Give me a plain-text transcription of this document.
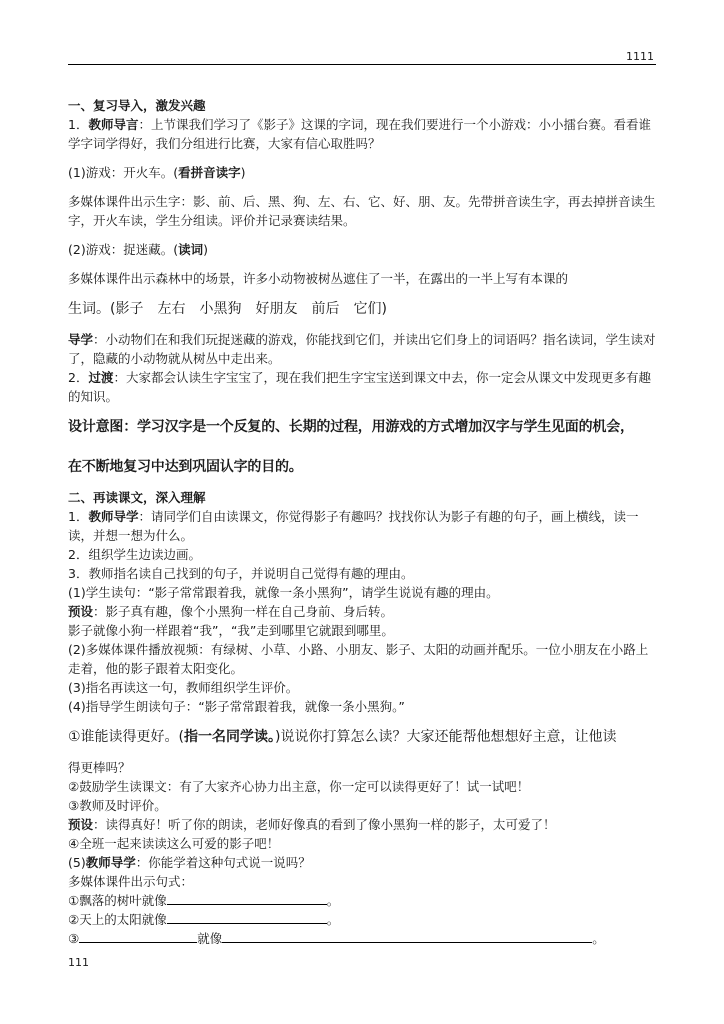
1111

一、复习导入，激发兴趣

1．教师导言：上节课我们学习了《影子》这课的字词，现在我们要进行一个小游戏：小小擂台赛。看看谁学字词学得好，我们分组进行比赛，大家有信心取胜吗？

(1)游戏：开火车。(看拼音读字)

多媒体课件出示生字：影、前、后、黑、狗、左、右、它、好、朋、友。先带拼音读生字，再去掉拼音读生字，开火车读，学生分组读。评价并记录赛读结果。

(2)游戏：捉迷藏。(读词)

多媒体课件出示森林中的场景，许多小动物被树丛遮住了一半，在露出的一半上写有本课的

生词。(影子　左右　小黑狗　好朋友　前后　它们)

导学：小动物们在和我们玩捉迷藏的游戏，你能找到它们，并读出它们身上的词语吗？指名读词，学生读对了，隐藏的小动物就从树丛中走出来。

2．过渡：大家都会认读生字宝宝了，现在我们把生字宝宝送到课文中去，你一定会从课文中发现更多有趣的知识。

设计意图：学习汉字是一个反复的、长期的过程，用游戏的方式增加汉字与学生见面的机会，

在不断地复习中达到巩固认字的目的。

二、再读课文，深入理解

1．教师导学：请同学们自由读课文，你觉得影子有趣吗？找找你认为影子有趣的句子，画上横线，读一读，并想一想为什么。

2．组织学生边读边画。

3．教师指名读自己找到的句子，并说明自己觉得有趣的理由。

(1)学生读句：“影子常常跟着我，就像一条小黑狗”，请学生说说有趣的理由。

预设：影子真有趣，像个小黑狗一样在自己身前、身后转。

影子就像小狗一样跟着“我”，“我”走到哪里它就跟到哪里。

(2)多媒体课件播放视频：有绿树、小草、小路、小朋友、影子、太阳的动画并配乐。一位小朋友在小路上走着，他的影子跟着太阳变化。

(3)指名再读这一句，教师组织学生评价。

(4)指导学生朗读句子：“影子常常跟着我，就像一条小黑狗。”

①谁能读得更好。(指一名同学读。)说说你打算怎么读？大家还能帮他想想好主意，让他读

得更棒吗？

②鼓励学生读课文：有了大家齐心协力出主意，你一定可以读得更好了！试一试吧！

③教师及时评价。

预设：读得真好！听了你的朗读，老师好像真的看到了像小黑狗一样的影子，太可爱了！

④全班一起来读读这么可爱的影子吧！

(5)教师导学：你能学着这种句式说一说吗？

多媒体课件出示句式：

①飘落的树叶就像	。

②天上的太阳就像	。

③	就像	。

111
